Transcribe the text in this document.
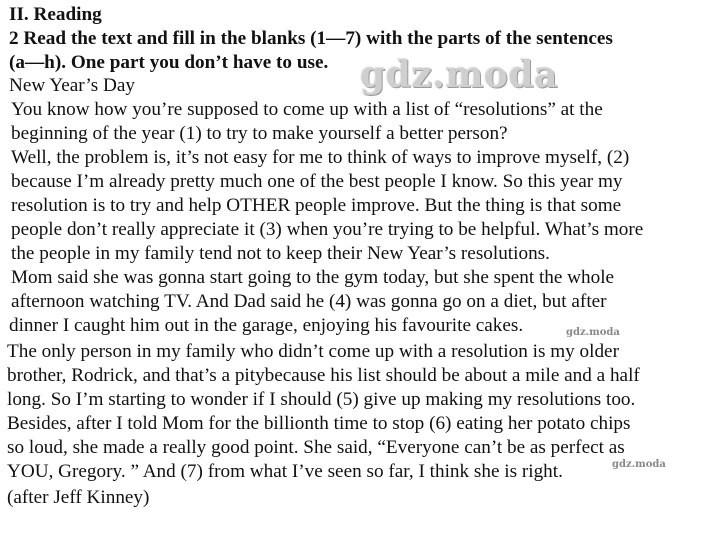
II. Reading
2 Read the text and fill in the blanks (1—7) with the parts of the sentences
(a—h). One part you don’t have to use. gdz.moda
New Year’s Day
You know how you’re supposed to come up with a list of “resolutions” at the
beginning of the year (1) to try to make yourself a better person?
Well, the problem is, it’s not easy for me to think of ways to improve myself, (2)
because I’m already pretty much one of the best people I know. So this year my
resolution is to try and help OTHER people improve. But the thing is that some
people don’t really appreciate it (3) when you’re trying to be helpful. What’s more
the people in my family tend not to keep their New Year’s resolutions.
Mom said she was gonna start going to the gym today, but she spent the whole
afternoon watching TV. And Dad said he (4) was gonna go on a diet, but after
dinner I caught him out in the garage, enjoying his favourite cakes.	gdz.moda
The only person in my family who didn’t come up with a resolution is my older
brother, Rodrick, and that’s a pitybecause his list should be about a mile and a half
long. So I’m starting to wonder if I should (5) give up making my resolutions too.
Besides, after I told Mom for the billionth time to stop (6) eating her potato chips
so loud, she made a really good point. She said, “Everyone can’t be as perfect as
YOU, Gregory. ” And (7) from what I’ve seen so far, I think she is right.	gdz.moda
(after Jeff Kinney)
